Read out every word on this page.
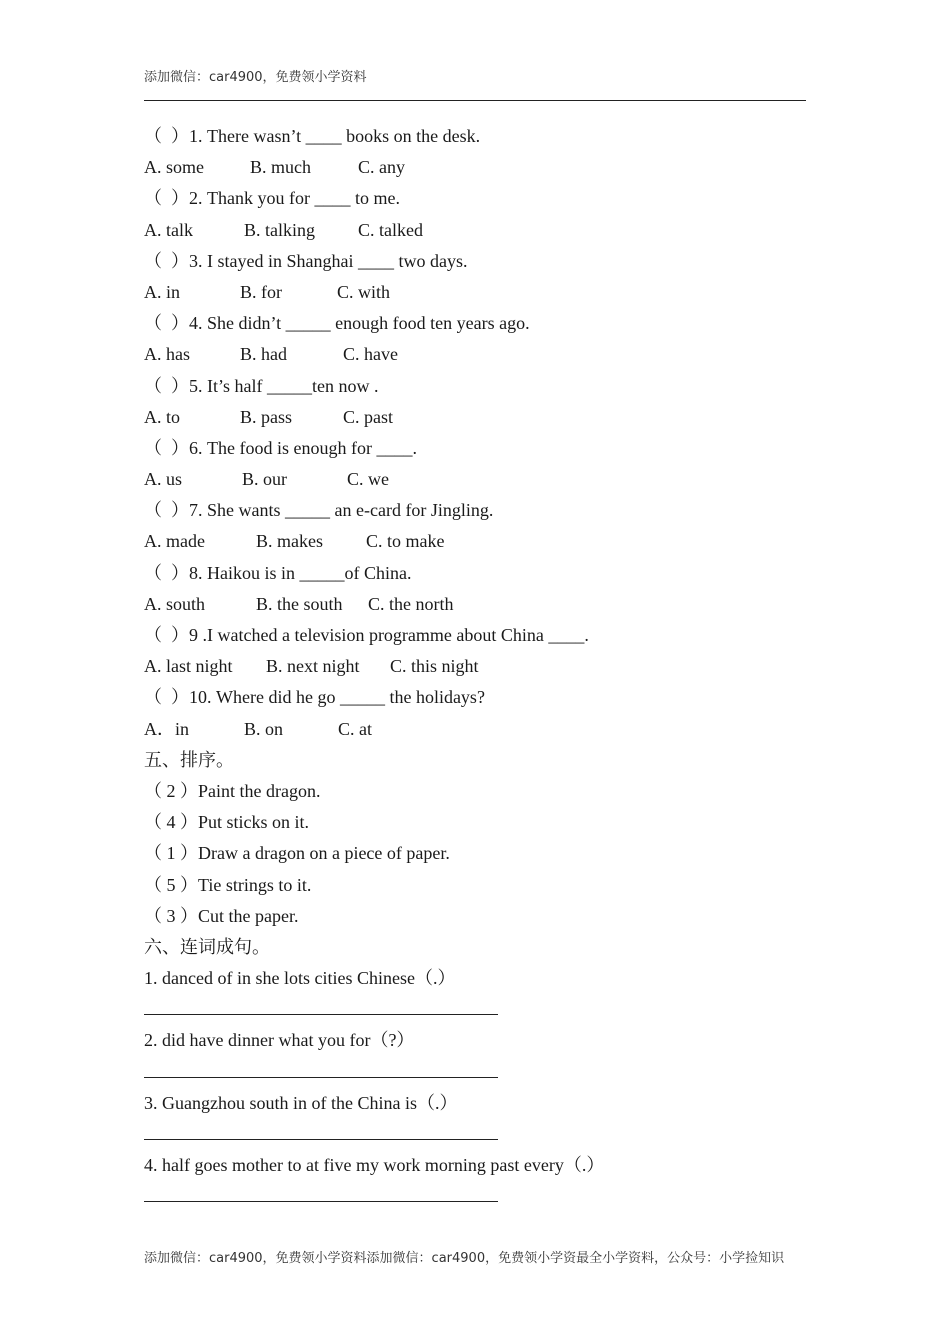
添加微信：car4900，免费领小学资料
（  ）1. There wasn’t ____ books on the desk.
A. some	B. much	C. any
（  ）2. Thank you for ____ to me.
A. talk	B. talking C. talked
（  ）3. I stayed in Shanghai ____ two days.
A. in	B. for	C. with
（  ）4. She didn’t _____ enough food ten years ago.
A. has	B. had	C. have
（  ）5. It’s half _____ten now .
A. to	B. pass	C. past
（  ）6. The food is enough for ____.
A. us	B. our	C. we
（  ）7. She wants _____ an e-card for Jingling.
A. made	B. makes C. to make
（  ）8. Haikou is in _____of China.
A. south	B. the south C. the north
（  ）9 .I watched a television programme about China ____.
A. last night B. next night C. this night
（  ）10. Where did he go _____ the holidays?
A．in	B. on	C. at
五、排序。
（ 2 ）Paint the dragon.
（ 4 ）Put sticks on it.
（ 1 ）Draw a dragon on a piece of paper.
（ 5 ）Tie strings to it.
（ 3 ）Cut the paper.
六、连词成句。
1. danced of in she lots cities Chinese（.）
2. did have dinner what you for（?）
3. Guangzhou south in of the China is（.）
4. half goes mother to at five my work morning past every（.）
添加微信：car4900，免费领小学资料添加微信：car4900，免费领小学资最全小学资料，公众号：小学捡知识
